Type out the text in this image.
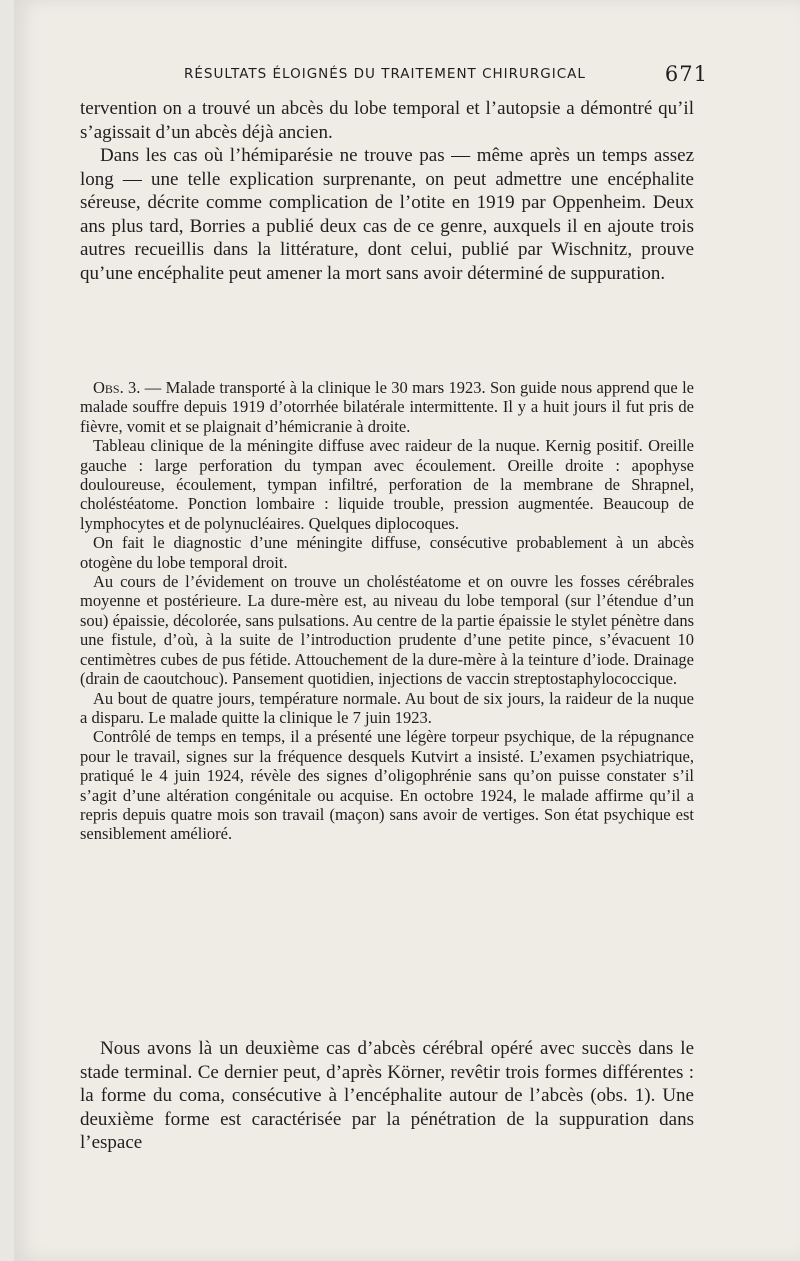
RÉSULTATS ÉLOIGNÉS DU TRAITEMENT CHIRURGICAL	671

tervention on a trouvé un abcès du lobe temporal et l’autopsie a démontré qu’il s’agissait d’un abcès déjà ancien.

Dans les cas où l’hémiparésie ne trouve pas — même après un temps assez long — une telle explication surprenante, on peut admettre une encéphalite séreuse, décrite comme complication de l’otite en 1919 par Oppenheim. Deux ans plus tard, Borries a publié deux cas de ce genre, auxquels il en ajoute trois autres recueillis dans la littérature, dont celui, publié par Wischnitz, prouve qu’une encéphalite peut amener la mort sans avoir déterminé de suppuration.

Obs. 3. — Malade transporté à la clinique le 30 mars 1923. Son guide nous apprend que le malade souffre depuis 1919 d’otorrhée bilatérale intermittente. Il y a huit jours il fut pris de fièvre, vomit et se plaignait d’hémicranie à droite.

Tableau clinique de la méningite diffuse avec raideur de la nuque. Kernig positif. Oreille gauche : large perforation du tympan avec écoulement. Oreille droite : apophyse douloureuse, écoulement, tympan infiltré, perforation de la membrane de Shrapnel, choléstéatome. Ponction lombaire : liquide trouble, pression augmentée. Beaucoup de lymphocytes et de polynucléaires. Quelques diplocoques.

On fait le diagnostic d’une méningite diffuse, consécutive probablement à un abcès otogène du lobe temporal droit.

Au cours de l’évidement on trouve un choléstéatome et on ouvre les fosses cérébrales moyenne et postérieure. La dure-mère est, au niveau du lobe temporal (sur l’étendue d’un sou) épaissie, décolorée, sans pulsations. Au centre de la partie épaissie le stylet pénètre dans une fistule, d’où, à la suite de l’introduction prudente d’une petite pince, s’évacuent 10 centimètres cubes de pus fétide. Attouchement de la dure-mère à la teinture d’iode. Drainage (drain de caoutchouc). Pansement quotidien, injections de vaccin streptostaphylococcique.

Au bout de quatre jours, température normale. Au bout de six jours, la raideur de la nuque a disparu. Le malade quitte la clinique le 7 juin 1923.

Contrôlé de temps en temps, il a présenté une légère torpeur psychique, de la répugnance pour le travail, signes sur la fréquence desquels Kutvirt a insisté. L’examen psychiatrique, pratiqué le 4 juin 1924, révèle des signes d’oligophrénie sans qu’on puisse constater s’il s’agit d’une altération congénitale ou acquise. En octobre 1924, le malade affirme qu’il a repris depuis quatre mois son travail (maçon) sans avoir de vertiges. Son état psychique est sensiblement amélioré.

Nous avons là un deuxième cas d’abcès cérébral opéré avec succès dans le stade terminal. Ce dernier peut, d’après Körner, revêtir trois formes différentes : la forme du coma, consécutive à l’encéphalite autour de l’abcès (obs. 1). Une deuxième forme est caractérisée par la pénétration de la suppuration dans l’espace
